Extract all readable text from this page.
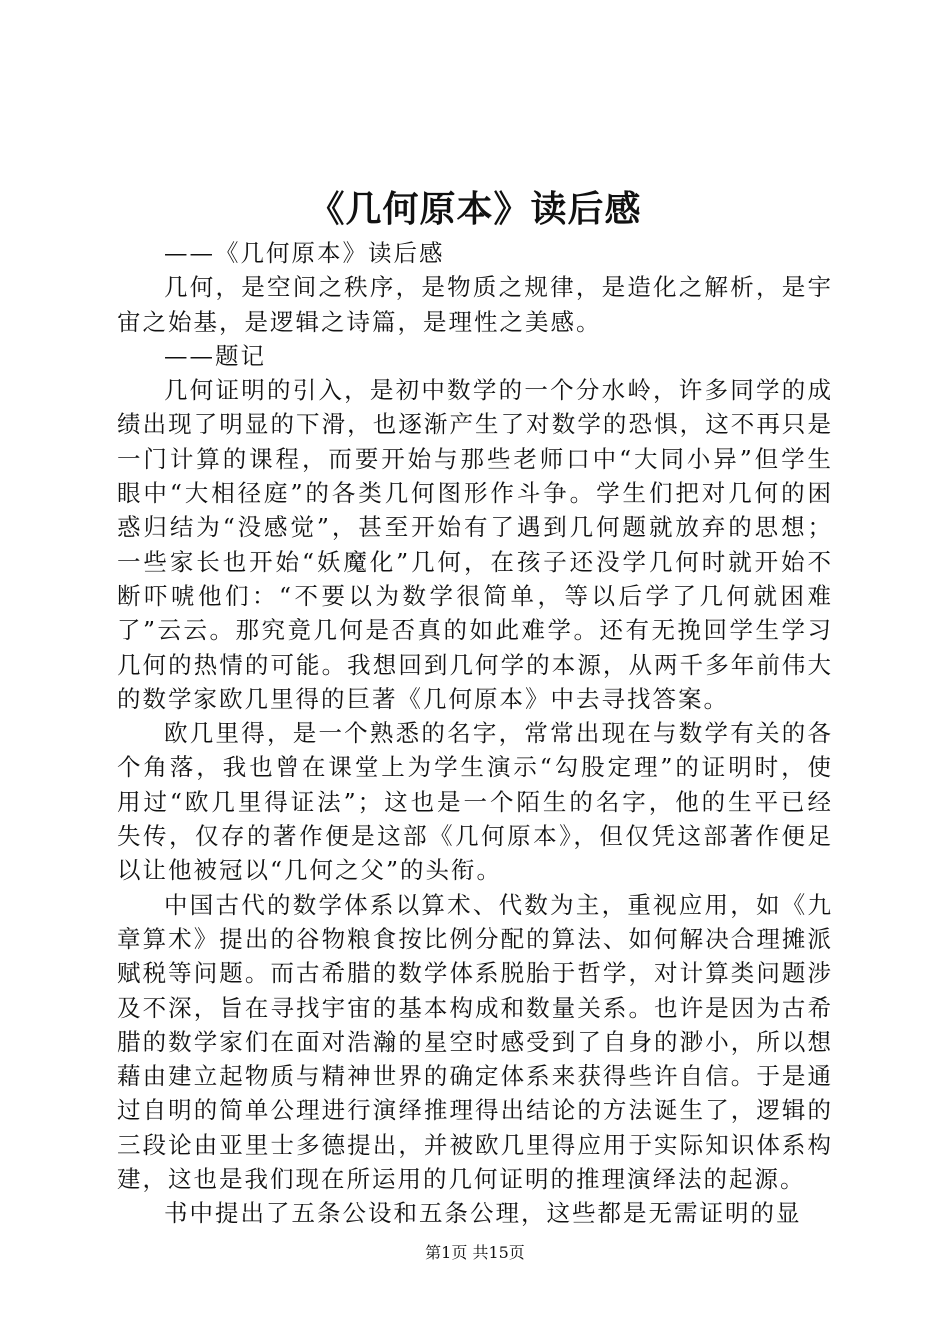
《几何原本》读后感

——《几何原本》读后感

几何，是空间之秩序，是物质之规律，是造化之解析，是宇宙之始基，是逻辑之诗篇，是理性之美感。

——题记

几何证明的引入，是初中数学的一个分水岭，许多同学的成绩出现了明显的下滑，也逐渐产生了对数学的恐惧，这不再只是一门计算的课程，而要开始与那些老师口中“大同小异”但学生眼中“大相径庭”的各类几何图形作斗争。学生们把对几何的困惑归结为“没感觉”，甚至开始有了遇到几何题就放弃的思想；一些家长也开始“妖魔化”几何，在孩子还没学几何时就开始不断吓唬他们：“不要以为数学很简单，等以后学了几何就困难了”云云。那究竟几何是否真的如此难学。还有无挽回学生学习几何的热情的可能。我想回到几何学的本源，从两千多年前伟大的数学家欧几里得的巨著《几何原本》中去寻找答案。

欧几里得，是一个熟悉的名字，常常出现在与数学有关的各个角落，我也曾在课堂上为学生演示“勾股定理”的证明时，使用过“欧几里得证法”；这也是一个陌生的名字，他的生平已经失传，仅存的著作便是这部《几何原本》，但仅凭这部著作便足以让他被冠以“几何之父”的头衔。

中国古代的数学体系以算术、代数为主，重视应用，如《九章算术》提出的谷物粮食按比例分配的算法、如何解决合理摊派赋税等问题。而古希腊的数学体系脱胎于哲学，对计算类问题涉及不深，旨在寻找宇宙的基本构成和数量关系。也许是因为古希腊的数学家们在面对浩瀚的星空时感受到了自身的渺小，所以想藉由建立起物质与精神世界的确定体系来获得些许自信。于是通过自明的简单公理进行演绎推理得出结论的方法诞生了，逻辑的三段论由亚里士多德提出，并被欧几里得应用于实际知识体系构建，这也是我们现在所运用的几何证明的推理演绎法的起源。

书中提出了五条公设和五条公理，这些都是无需证明的显

第1页 共15页
